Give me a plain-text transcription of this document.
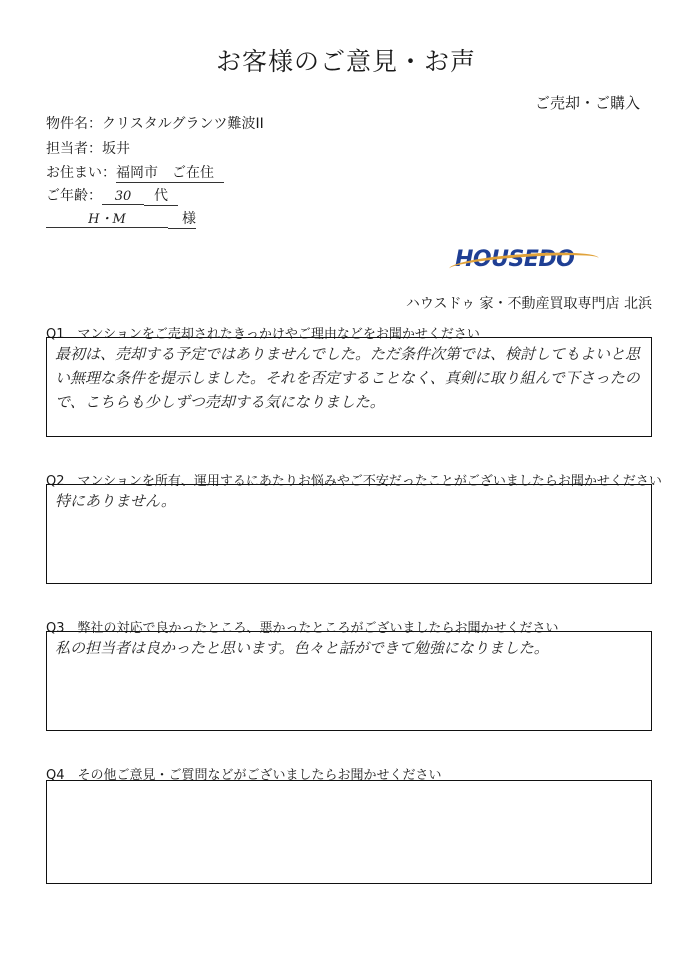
お客様のご意見・お声
ご売却・ご購入
物件名：クリスタルグランツ難波II
担当者：坂井
お住まい：福岡市　ご在住
ご年齢： 30 代
H・M	様
HOUSEDO
ハウスドゥ 家・不動産買取専門店 北浜
Q1　マンションをご売却されたきっかけやご理由などをお聞かせください
最初は、売却する予定ではありませんでした。ただ条件次第では、検討してもよいと思い無理な条件を提示しました。それを否定することなく、真剣に取り組んで下さったので、こちらも少しずつ売却する気になりました。
Q2　マンションを所有、運用するにあたりお悩みやご不安だったことがございましたらお聞かせください
特にありません。
Q3　弊社の対応で良かったところ、悪かったところがございましたらお聞かせください
私の担当者は良かったと思います。色々と話ができて勉強になりました。
Q4　その他ご意見・ご質問などがございましたらお聞かせください
